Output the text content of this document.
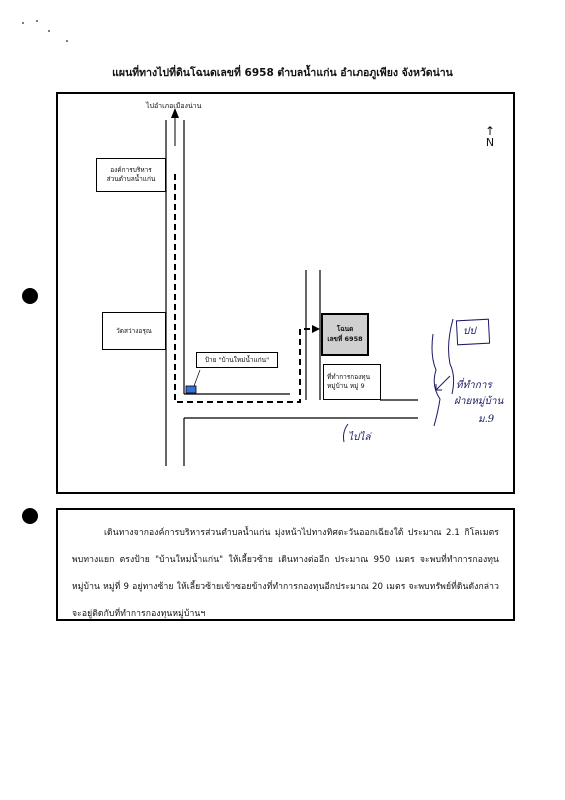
แผนที่ทางไปที่ดินโฉนดเลขที่ 6958 ตำบลน้ำแก่น อำเภอภูเพียง จังหวัดน่าน
ไปอำเภอเมืองน่าน
↑
N
องค์การบริหาร
ส่วนตำบลน้ำแก่น
วัดสว่างอรุณ
ป้าย "บ้านใหม่น้ำแก่น"
โฉนด
เลขที่ 6958
ที่ทำการกองทุน
หมู่บ้าน หมู่ 9
ปป
ที่ทำการ
ฝ่ายหมู่บ้าน
ม.9
ไปไล่

เดินทางจากองค์การบริหารส่วนตำบลน้ำแก่น มุ่งหน้าไปทางทิศตะวันออกเฉียงใต้ ประมาณ 2.1 กิโลเมตร พบทางแยก ตรงป้าย "บ้านใหม่น้ำแก่น" ให้เลี้ยวซ้าย เดินทางต่ออีก ประมาณ 950 เมตร จะพบที่ทำการกองทุนหมู่บ้าน หมู่ที่ 9 อยู่ทางซ้าย ให้เลี้ยวซ้ายเข้าซอยข้างที่ทำการกองทุนอีกประมาณ 20 เมตร จะพบทรัพย์ที่ดินดังกล่าวจะอยู่ติดกับที่ทำการกองทุนหมู่บ้านฯ
